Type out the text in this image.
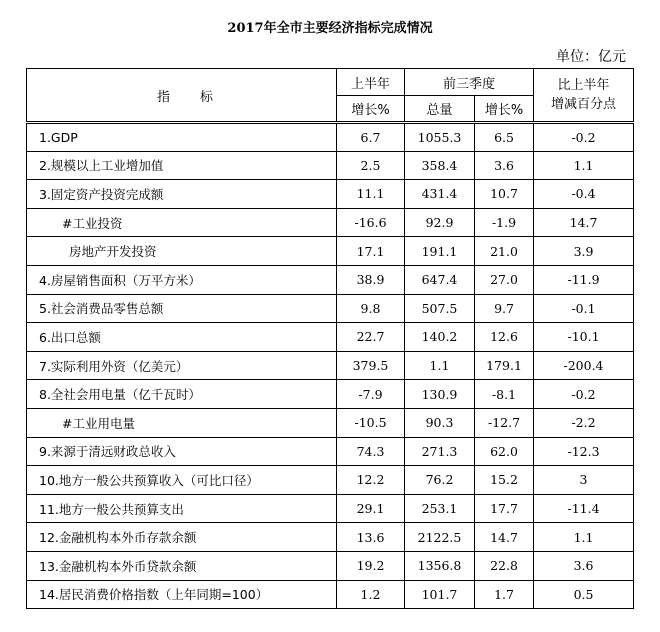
2017年全市主要经济指标完成情况
单位：亿元
指 标	上半年	前三季度		比上半年
增减百分点

	增长%	总量	增长%	
1.GDP	6.7	1055.3	6.5	-0.2
2.规模以上工业增加值	2.5	358.4	3.6	1.1
3.固定资产投资完成额	11.1	431.4	10.7	-0.4
#工业投资	-16.6	92.9	-1.9	14.7
房地产开发投资	17.1	191.1	21.0	3.9
4.房屋销售面积（万平方米）	38.9	647.4	27.0	-11.9
5.社会消费品零售总额	9.8	507.5	9.7	-0.1
6.出口总额	22.7	140.2	12.6	-10.1
7.实际利用外资（亿美元）	379.5	1.1	179.1	-200.4
8.全社会用电量（亿千瓦时）	-7.9	130.9	-8.1	-0.2
#工业用电量	-10.5	90.3	-12.7	-2.2
9.来源于清远财政总收入	74.3	271.3	62.0	-12.3
10.地方一般公共预算收入（可比口径）	12.2	76.2	15.2	3
11.地方一般公共预算支出	29.1	253.1	17.7	-11.4
12.金融机构本外币存款余额	13.6	2122.5	14.7	1.1
13.金融机构本外币贷款余额	19.2	1356.8	22.8	3.6
14.居民消费价格指数（上年同期=100）	1.2	101.7	1.7	0.5
